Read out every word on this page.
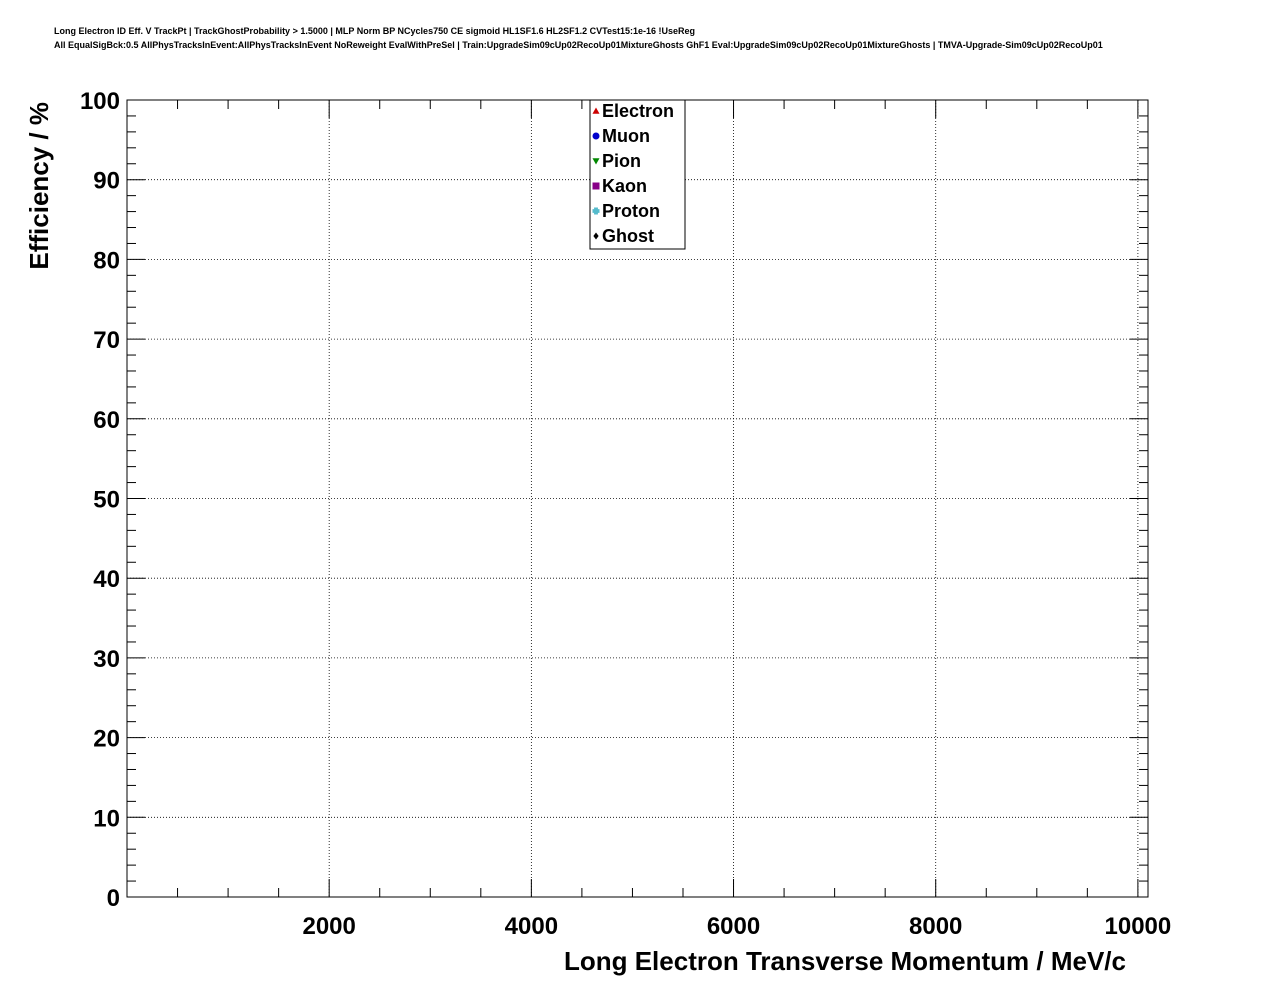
Long Electron ID Eff. V TrackPt | TrackGhostProbability > 1.5000 | MLP Norm BP NCycles750 CE sigmoid HL1SF1.6 HL2SF1.2 CVTest15:1e-16 !UseReg
All EqualSigBck:0.5 AllPhysTracksInEvent:AllPhysTracksInEvent NoReweight EvalWithPreSel | Train:UpgradeSim09cUp02RecoUp01MixtureGhosts GhF1 Eval:UpgradeSim09cUp02RecoUp01MixtureGhosts | TMVA-Upgrade-Sim09cUp02RecoUp01
2000	4000	6000	8000	10000
0
10
20
30
40
50
60
70
80
90
100
Long Electron Transverse Momentum / MeV/c
Efficiency / %	Electron
Muon
Pion
Kaon
Proton
Ghost
